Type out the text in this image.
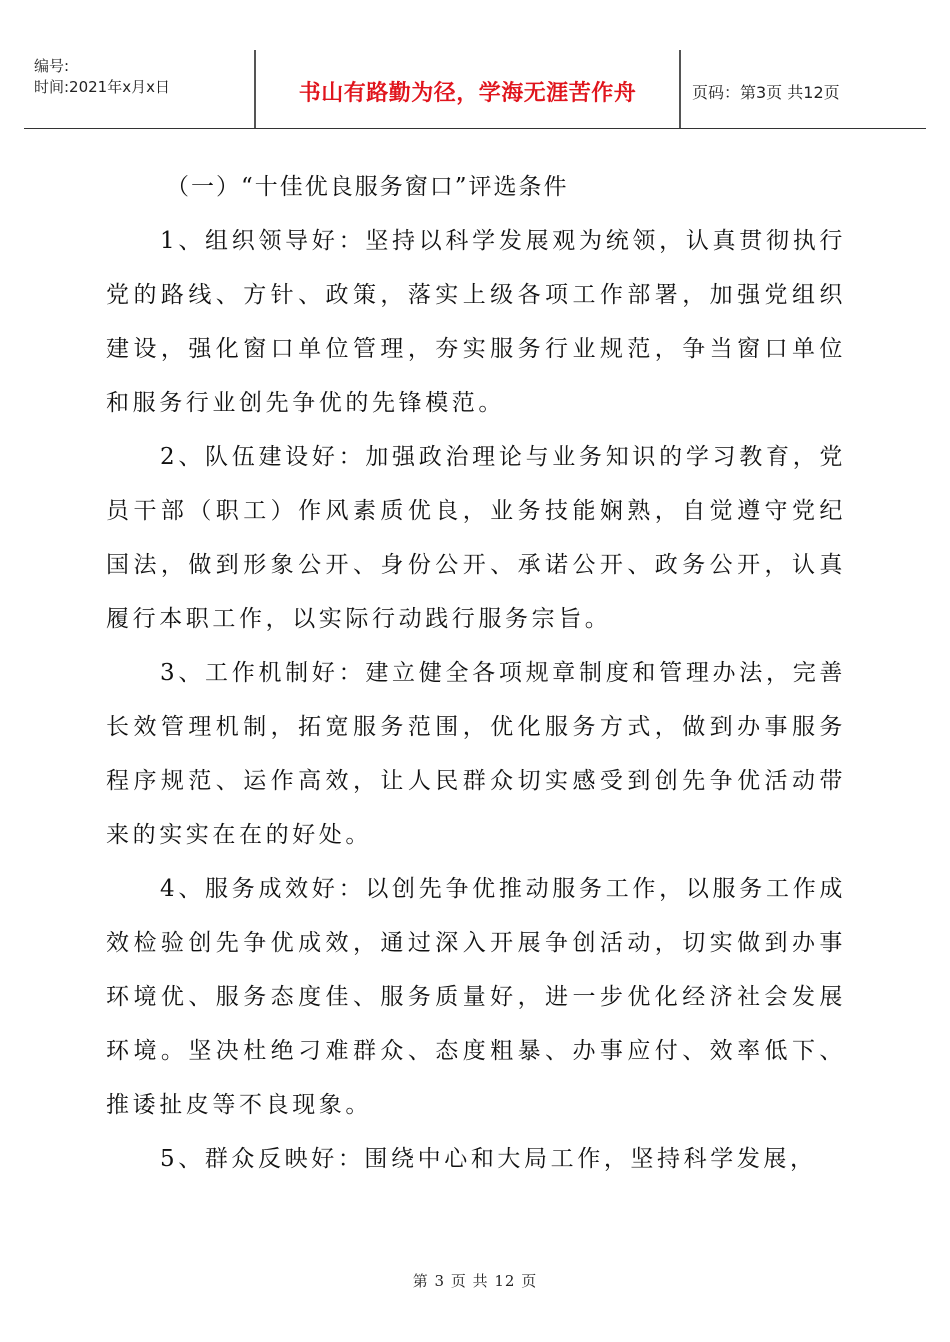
编号:
时间:2021年x月x日	书山有路勤为径，学海无涯苦作舟	页码：第3页 共12页

（一）“十佳优良服务窗口”评选条件

1、组织领导好：坚持以科学发展观为统领，认真贯彻执行党的路线、方针、政策，落实上级各项工作部署，加强党组织建设，强化窗口单位管理，夯实服务行业规范，争当窗口单位和服务行业创先争优的先锋模范。

2、队伍建设好：加强政治理论与业务知识的学习教育，党员干部（职工）作风素质优良，业务技能娴熟，自觉遵守党纪国法，做到形象公开、身份公开、承诺公开、政务公开，认真履行本职工作，以实际行动践行服务宗旨。

3、工作机制好：建立健全各项规章制度和管理办法，完善长效管理机制，拓宽服务范围，优化服务方式，做到办事服务程序规范、运作高效，让人民群众切实感受到创先争优活动带来的实实在在的好处。

4、服务成效好：以创先争优推动服务工作，以服务工作成效检验创先争优成效，通过深入开展争创活动，切实做到办事环境优、服务态度佳、服务质量好，进一步优化经济社会发展环境。坚决杜绝刁难群众、态度粗暴、办事应付、效率低下、推诿扯皮等不良现象。

5、群众反映好：围绕中心和大局工作，坚持科学发展，

第 3 页 共 12 页
